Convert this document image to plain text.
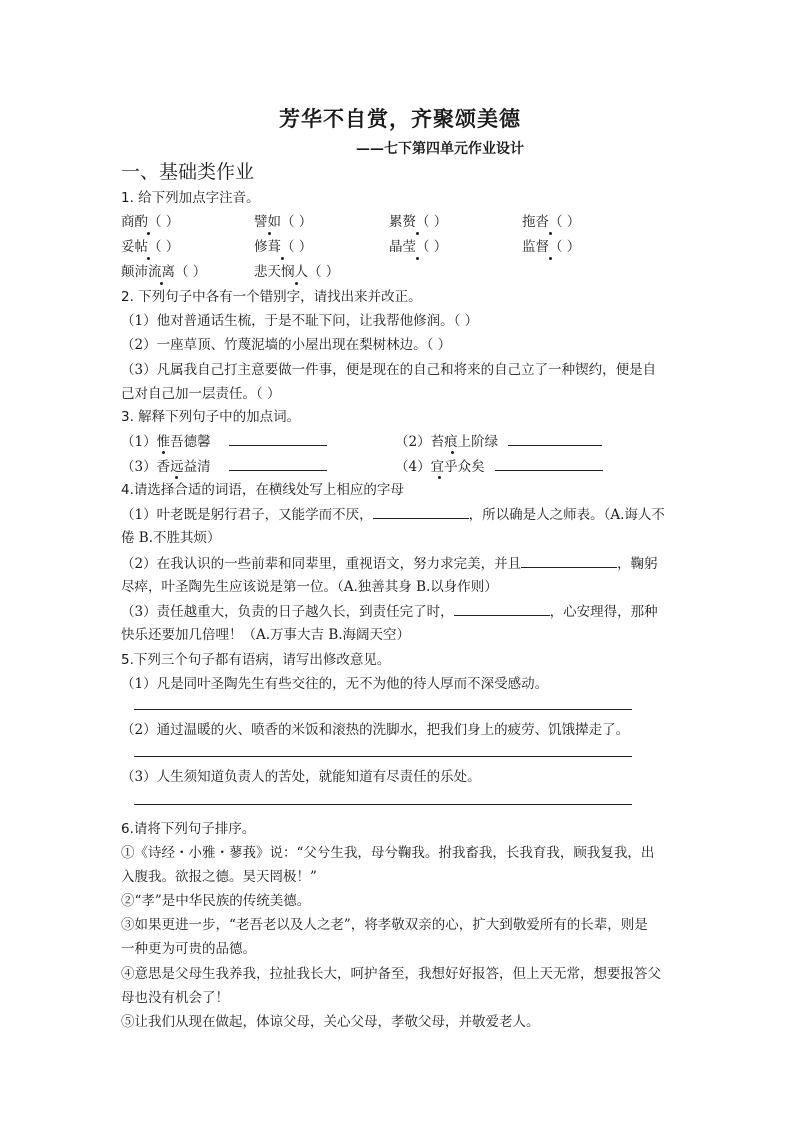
芳华不自赏，齐聚颂美德
——七下第四单元作业设计
一、基础类作业
1. 给下列加点字注音。
商酌（ ）	譬如（ ）	累赘（ ）	拖沓（ ）
妥帖（ ）	修葺（ ）	晶莹（ ）	监督（ ）
颠沛流离（ ）	悲天悯人（ ）
2. 下列句子中各有一个错别字，请找出来并改正。
（1）他对普通话生梳，于是不耻下问，让我帮他修润。（ ）
（2）一座草顶、竹蔑泥墙的小屋出现在梨树林边。（ ）
（3）凡属我自己打主意要做一件事，便是现在的自己和将来的自己立了一种锲约，便是自
己对自己加一层责任。（ ）
3. 解释下列句子中的加点词。
（1）惟吾德馨	（2）苔痕上阶绿
（3）香远益清	（4）宜乎众矣
4.请选择合适的词语，在横线处写上相应的字母
（1）叶老既是躬行君子，又能学而不厌，	，所以确是人之师表。（A.诲人不
倦 B.不胜其烦）
（2）在我认识的一些前辈和同辈里，重视语文，努力求完美，并且	，鞠躬
尽瘁，叶圣陶先生应该说是第一位。（A.独善其身 B.以身作则）
（3）责任越重大，负责的日子越久长，到责任完了时，	，心安理得，那种
快乐还要加几倍哩！（A.万事大吉 B.海阔天空）
5.下列三个句子都有语病，请写出修改意见。
（1）凡是同叶圣陶先生有些交往的，无不为他的待人厚而不深受感动。
（2）通过温暖的火、喷香的米饭和滚热的洗脚水，把我们身上的疲劳、饥饿撵走了。
（3）人生须知道负责人的苦处，就能知道有尽责任的乐处。
6.请将下列句子排序。
①《诗经・小雅・蓼莪》说：“父兮生我，母兮鞠我。拊我畜我，长我育我，顾我复我，出
入腹我。欲报之德。昊天罔极！”
②“孝”是中华民族的传统美德。
③如果更进一步，“老吾老以及人之老”，将孝敬双亲的心，扩大到敬爱所有的长辈，则是
一种更为可贵的品德。
④意思是父母生我养我，拉扯我长大，呵护备至，我想好好报答，但上天无常，想要报答父
母也没有机会了！
⑤让我们从现在做起，体谅父母，关心父母，孝敬父母，并敬爱老人。
